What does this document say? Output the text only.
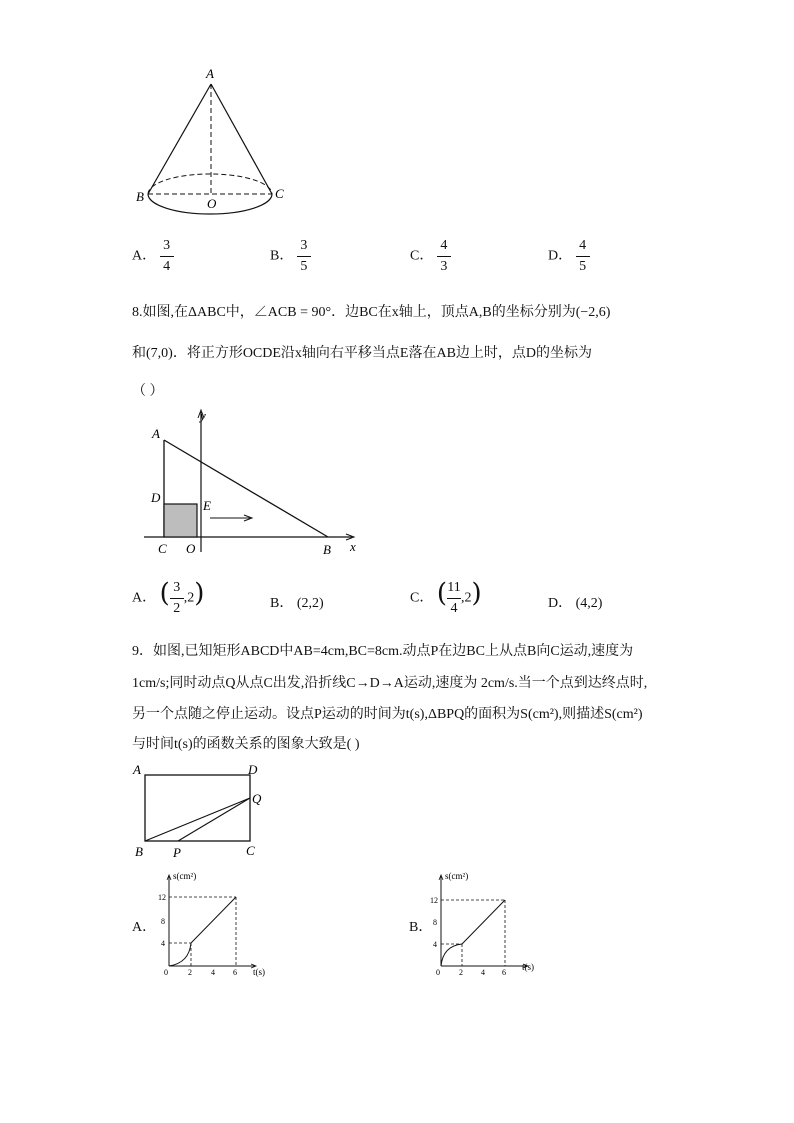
A
B	C
O
A． $\frac{3}{4}$	B． $\frac{3}{5}$	C． $\frac{4}{3}$	D． $\frac{4}{5}$
8.如图,在ΔABC中，∠ACB = 90°．边BC在x轴上，顶点A,B的坐标分别为(−2,6)
和(7,0)．将正方形OCDE沿x轴向右平移当点E落在AB边上时，点D的坐标为
（ ）
A
D
E
C O	B x
y
A． ( $\frac{3}{2} ,2$)	B． (2,2)	C． ( $\frac{11}{4} ,2$)	D． (4,2)
9．如图,已知矩形ABCD中AB=4cm,BC=8cm.动点P在边BC上从点B向C运动,速度为
1cm/s;同时动点Q从点C出发,沿折线C→D→A运动,速度为 2cm/s.当一个点到达终点时,
另一个点随之停止运动。设点P运动的时间为t(s),ΔBPQ的面积为S(cm²),则描述S(cm²)
与时间t(s)的函数关系的图象大致是( )
A	D
Q
B P	C
A．
s(cm²)
t(s)
12
8
4
0	2 4 6
B．
s(cm²)
t(s)
12
8
4
0 2 4 6
